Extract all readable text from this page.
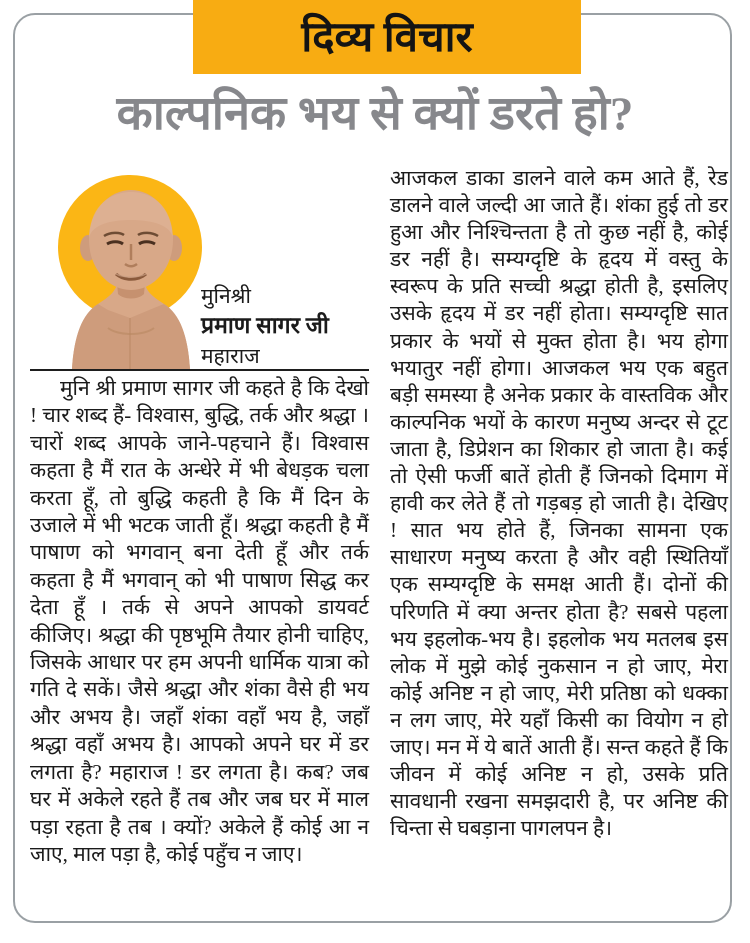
दिव्य विचार
काल्पनिक भय से क्यों डरते हो?
मुनिश्री
प्रमाण सागर जी
महाराज

मुनि श्री प्रमाण सागर जी कहते है कि देखो ! चार शब्द हैं- विश्वास, बुद्धि, तर्क और श्रद्धा । चारों शब्द आपके जाने-पहचाने हैं। विश्वास कहता है मैं रात के अन्धेरे में भी बेधड़क चला करता हूँ, तो बुद्धि कहती है कि मैं दिन के उजाले में भी भटक जाती हूँ। श्रद्धा कहती है मैं पाषाण को भगवान् बना देती हूँ और तर्क कहता है मैं भगवान् को भी पाषाण सिद्ध कर देता हूँ । तर्क से अपने आपको डायवर्ट कीजिए। श्रद्धा की पृष्ठभूमि तैयार होनी चाहिए, जिसके आधार पर हम अपनी धार्मिक यात्रा को गति दे सकें। जैसे श्रद्धा और शंका वैसे ही भय और अभय है। जहाँ शंका वहाँ भय है, जहाँ श्रद्धा वहाँ अभय है। आपको अपने घर में डर लगता है? महाराज ! डर लगता है। कब? जब घर में अकेले रहते हैं तब और जब घर में माल पड़ा रहता है तब । क्यों? अकेले हैं कोई आ न जाए, माल पड़ा है, कोई पहुँच न जाए।

आजकल डाका डालने वाले कम आते हैं, रेड डालने वाले जल्दी आ जाते हैं। शंका हुई तो डर हुआ और निश्चिन्तता है तो कुछ नहीं है, कोई डर नहीं है। सम्यग्दृष्टि के हृदय में वस्तु के स्वरूप के प्रति सच्ची श्रद्धा होती है, इसलिए उसके हृदय में डर नहीं होता। सम्यग्दृष्टि सात प्रकार के भयों से मुक्त होता है। भय होगा भयातुर नहीं होगा। आजकल भय एक बहुत बड़ी समस्या है अनेक प्रकार के वास्तविक और काल्पनिक भयों के कारण मनुष्य अन्दर से टूट जाता है, डिप्रेशन का शिकार हो जाता है। कई तो ऐसी फर्जी बातें होती हैं जिनको दिमाग में हावी कर लेते हैं तो गड़बड़ हो जाती है। देखिए ! सात भय होते हैं, जिनका सामना एक साधारण मनुष्य करता है और वही स्थितियाँ एक सम्यग्दृष्टि के समक्ष आती हैं। दोनों की परिणति में क्या अन्तर होता है? सबसे पहला भय इहलोक-भय है। इहलोक भय मतलब इस लोक में मुझे कोई नुकसान न हो जाए, मेरा कोई अनिष्ट न हो जाए, मेरी प्रतिष्ठा को धक्का न लग जाए, मेरे यहाँ किसी का वियोग न हो जाए। मन में ये बातें आती हैं। सन्त कहते हैं कि जीवन में कोई अनिष्ट न हो, उसके प्रति सावधानी रखना समझदारी है, पर अनिष्ट की चिन्ता से घबड़ाना पागलपन है।
